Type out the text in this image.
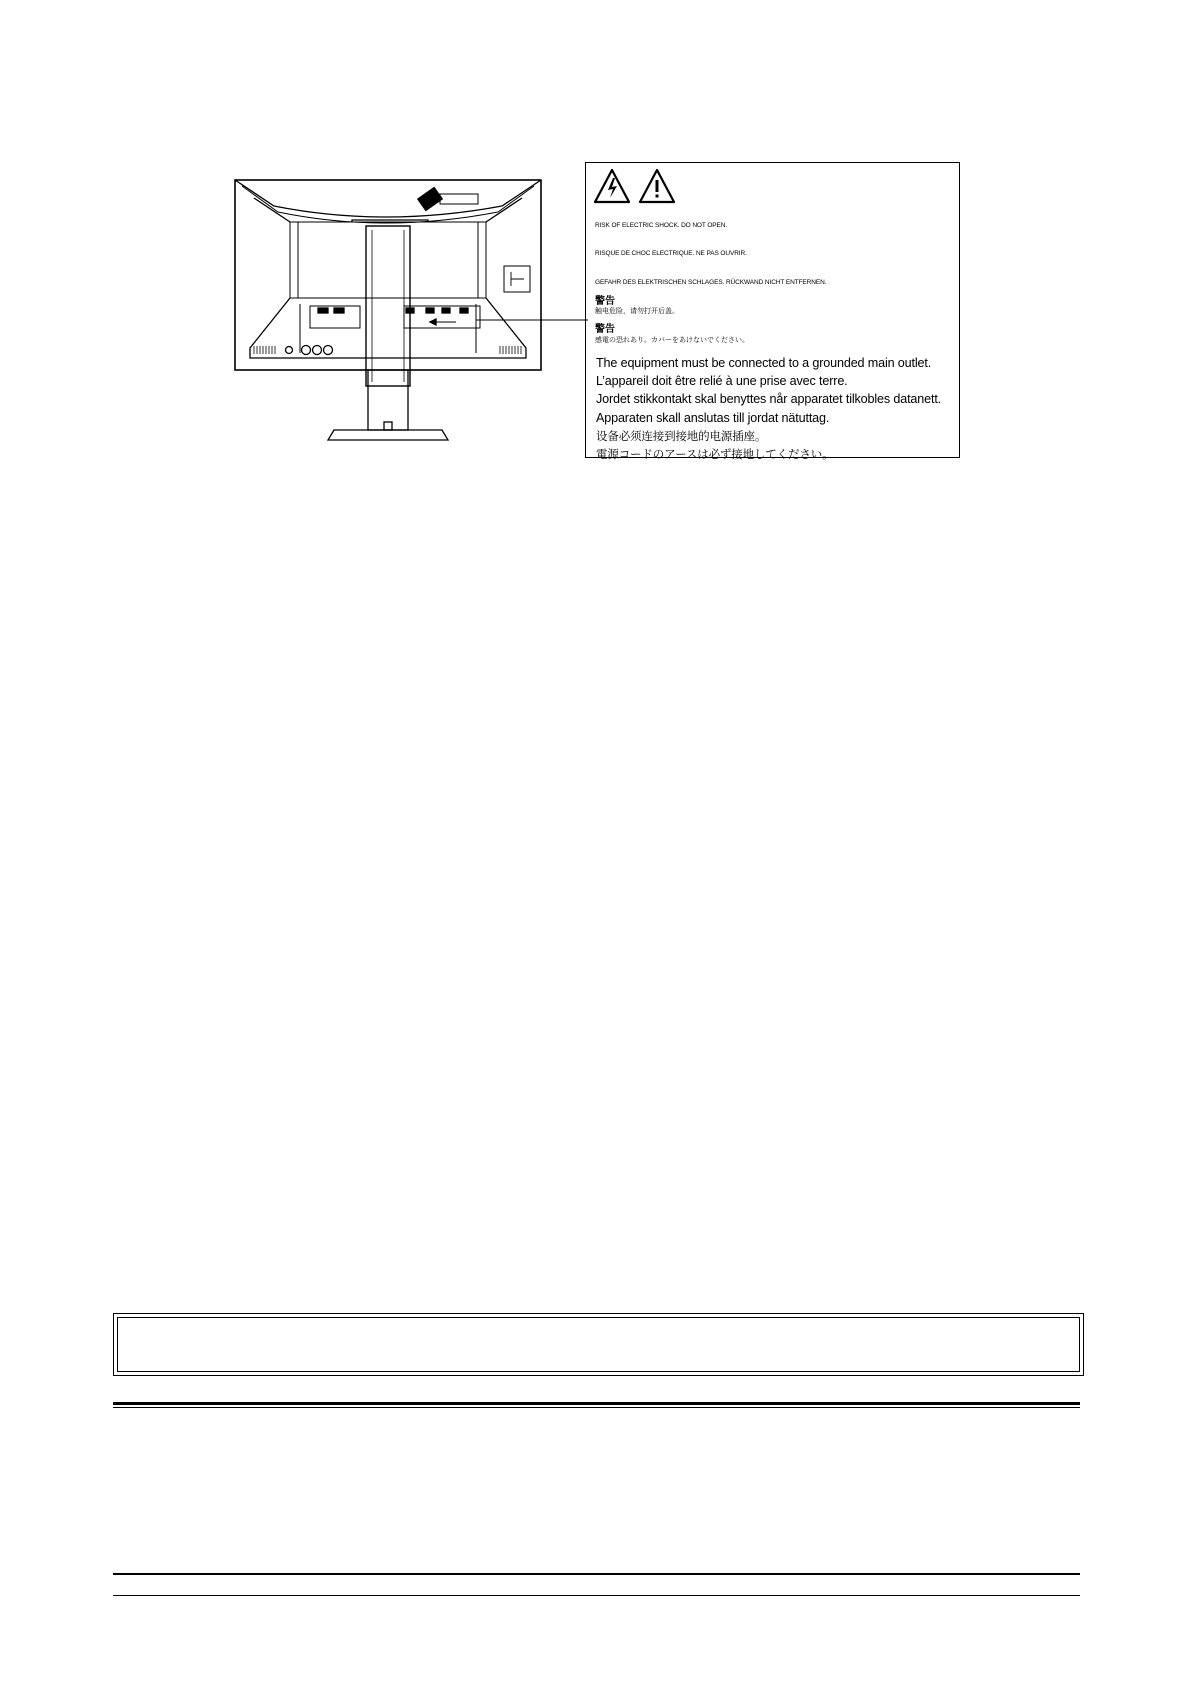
RISK OF ELECTRIC SHOCK. DO NOT OPEN.
RISQUE DE CHOC ELECTRIQUE. NE PAS OUVRIR.
GEFAHR DES ELEKTRISCHEN SCHLAGES. RÜCKWAND NICHT ENTFERNEN.
警告
触电危险，请勿打开后盖。
警告
感電の恐れあり。カバーをあけないでください。
The equipment must be connected to a grounded main outlet.
L’appareil doit être relié à une prise avec terre.
Jordet stikkontakt skal benyttes når apparatet tilkobles datanett.
Apparaten skall anslutas till jordat nätuttag.
设备必须连接到接地的电源插座。
電源コードのアースは必ず接地してください。
